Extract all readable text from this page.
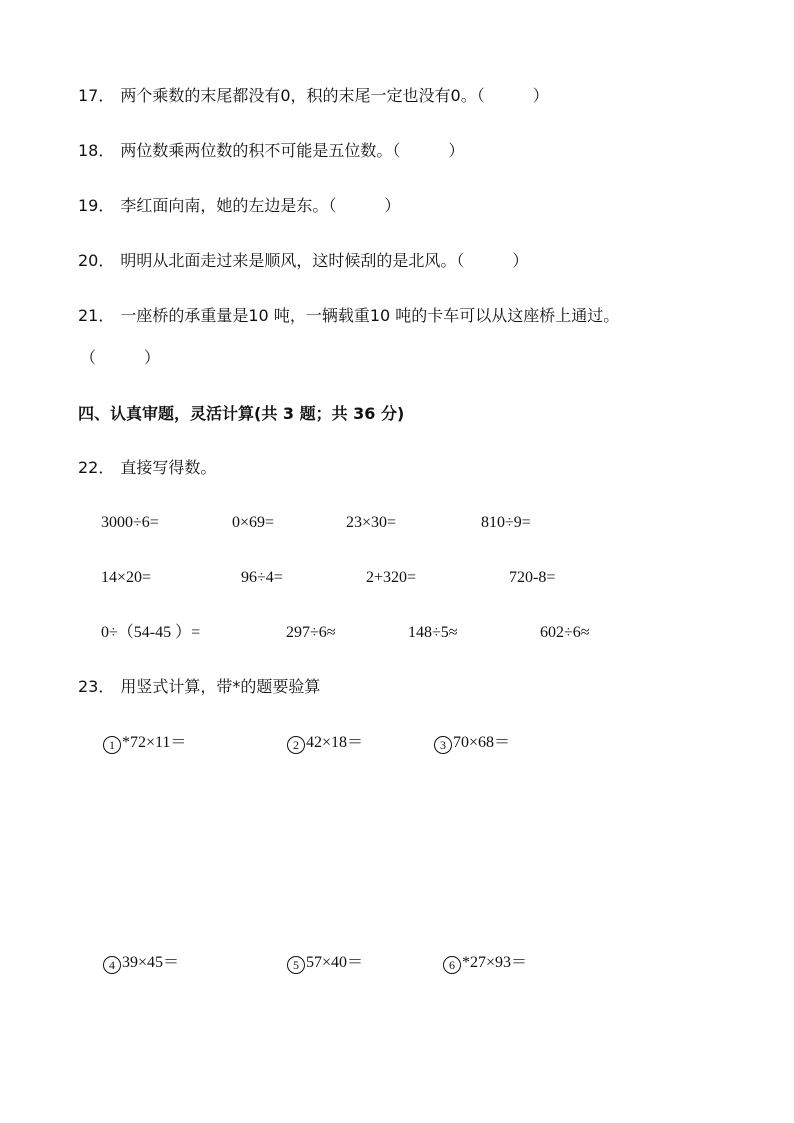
17． 两个乘数的末尾都没有0，积的末尾一定也没有0。（　　　）
18． 两位数乘两位数的积不可能是五位数。（　　　）
19． 李红面向南，她的左边是东。（　　　）
20． 明明从北面走过来是顺风，这时候刮的是北风。（　　　）
21． 一座桥的承重量是10 吨，一辆载重10 吨的卡车可以从这座桥上通过。
（　　　）
四、认真审题，灵活计算(共 3 题；共 36 分)
22． 直接写得数。
3000÷6=	0×69=	23×30=	810÷9=
14×20=	96÷4=	2+320=	720-8=
0÷（54-45 ）=	297÷6≈	148÷5≈	602÷6≈
23． 用竖式计算，带*的题要验算
1 *72×11＝	2 42×18＝	3 70×68＝
4 39×45＝	5 57×40＝	6 *27×93＝
